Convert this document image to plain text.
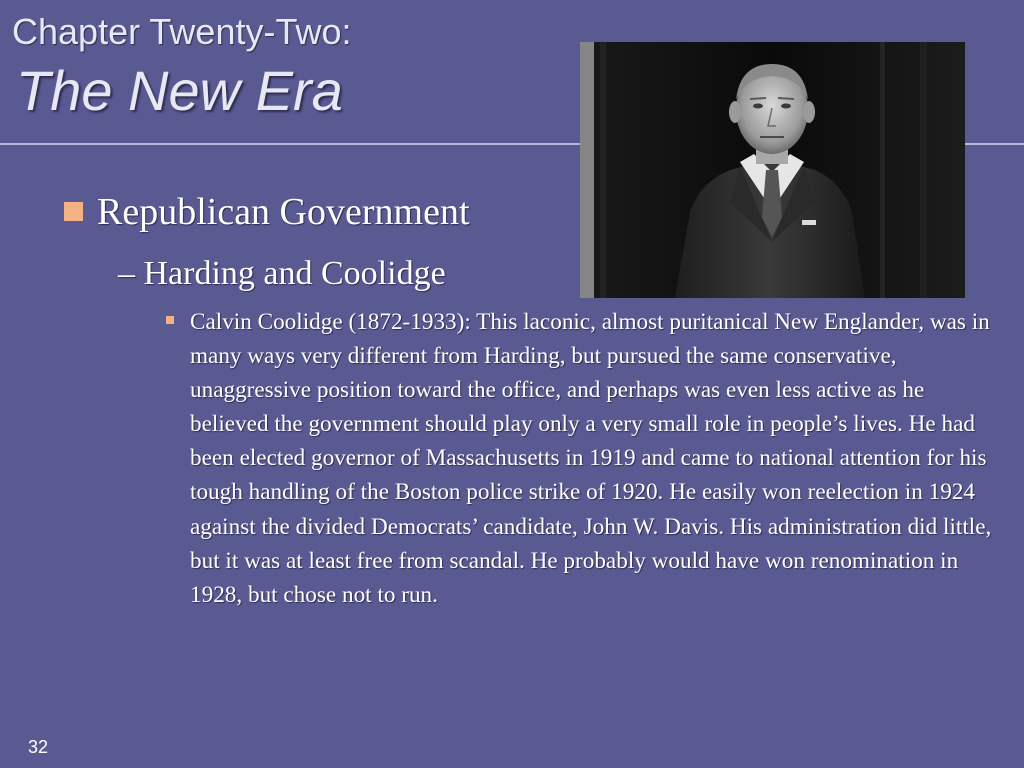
Chapter Twenty-Two:
The New Era
Republican Government
– Harding and Coolidge
Calvin Coolidge (1872-1933): This laconic, almost puritanical New Englander, was in many ways very different from Harding, but pursued the same conservative, unaggressive position toward the office, and perhaps was even less active as he believed the government should play only a very small role in people’s lives. He had been elected governor of Massachusetts in 1919 and came to national attention for his tough handling of the Boston police strike of 1920. He easily won reelection in 1924 against the divided Democrats’ candidate, John W. Davis. His administration did little, but it was at least free from scandal. He probably would have won renomination in 1928, but chose not to run.
32
